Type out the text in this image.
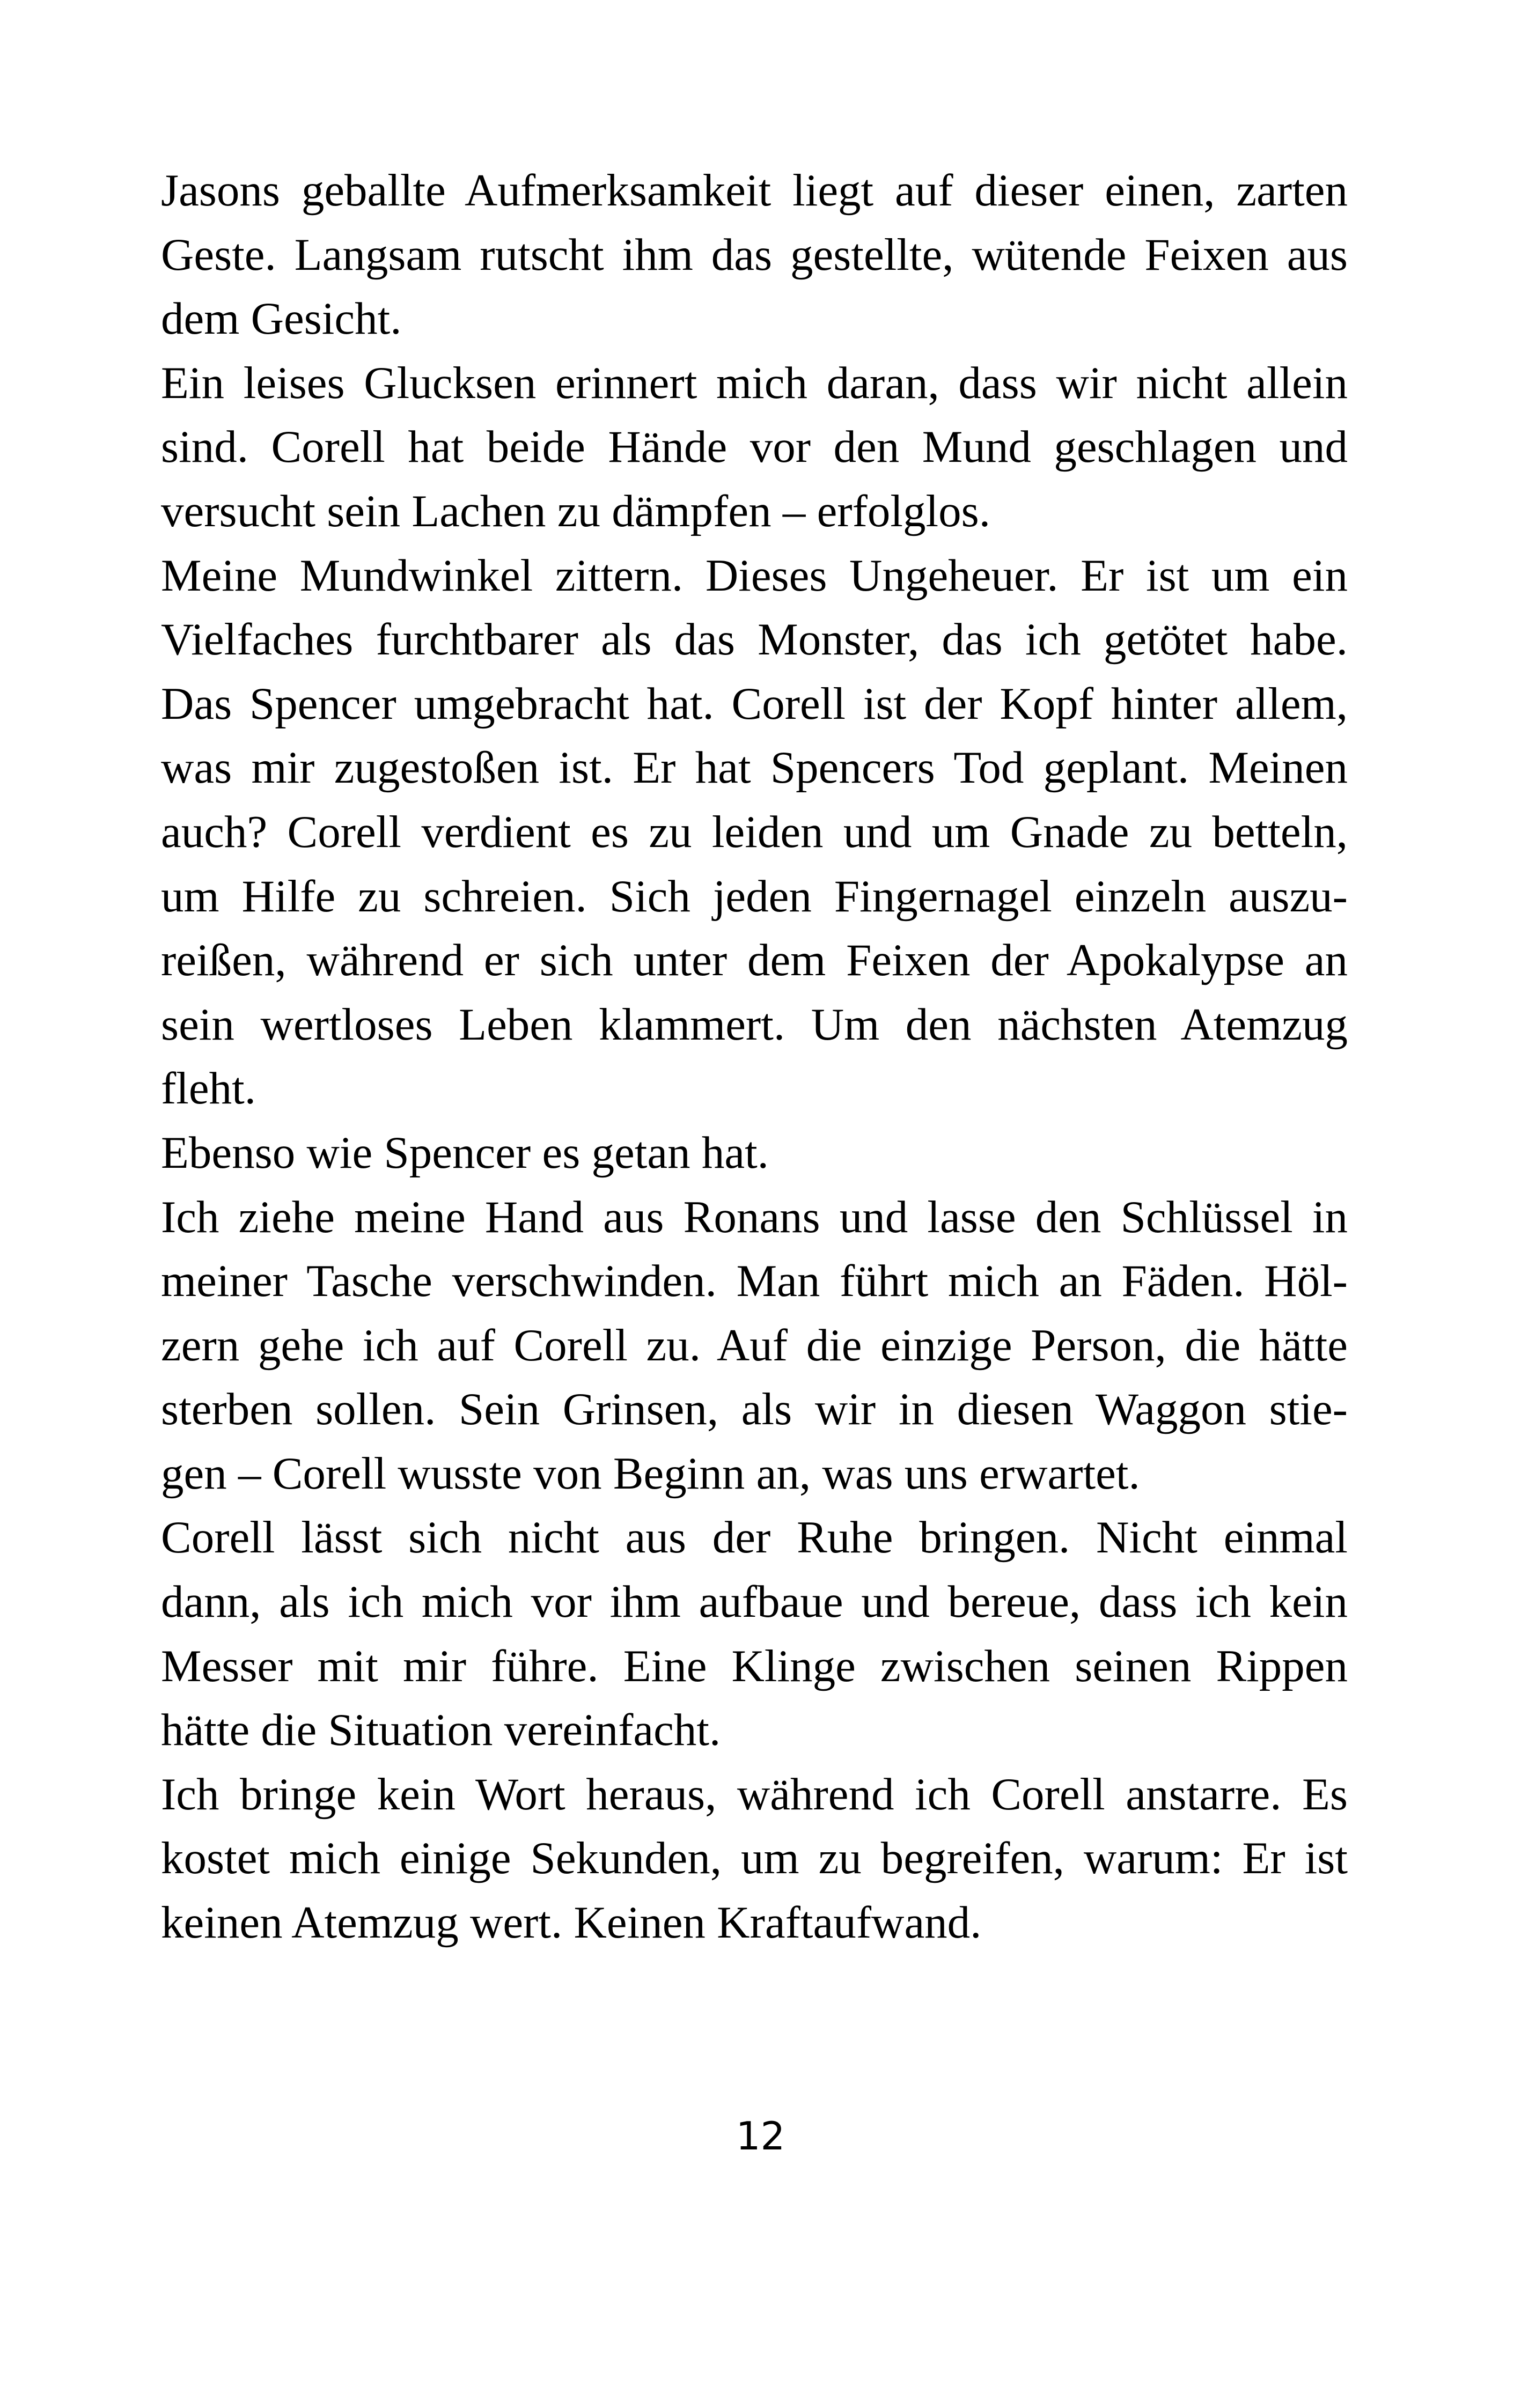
Jasons geballte Aufmerksamkeit liegt auf dieser einen, zarten
Geste. Langsam rutscht ihm das gestellte, wütende Feixen aus
dem Gesicht.
Ein leises Glucksen erinnert mich daran, dass wir nicht allein
sind. Corell hat beide Hände vor den Mund geschlagen und
versucht sein Lachen zu dämpfen – erfolglos.
Meine Mundwinkel zittern. Dieses Ungeheuer. Er ist um ein
Vielfaches furchtbarer als das Monster, das ich getötet habe.
Das Spencer umgebracht hat. Corell ist der Kopf hinter allem,
was mir zugestoßen ist. Er hat Spencers Tod geplant. Meinen
auch? Corell verdient es zu leiden und um Gnade zu betteln,
um Hilfe zu schreien. Sich jeden Fingernagel einzeln auszu-
reißen, während er sich unter dem Feixen der Apokalypse an
sein wertloses Leben klammert. Um den nächsten Atemzug
fleht.
Ebenso wie Spencer es getan hat.
Ich ziehe meine Hand aus Ronans und lasse den Schlüssel in
meiner Tasche verschwinden. Man führt mich an Fäden. Höl-
zern gehe ich auf Corell zu. Auf die einzige Person, die hätte
sterben sollen. Sein Grinsen, als wir in diesen Waggon stie-
gen – Corell wusste von Beginn an, was uns erwartet.
Corell lässt sich nicht aus der Ruhe bringen. Nicht einmal
dann, als ich mich vor ihm aufbaue und bereue, dass ich kein
Messer mit mir führe. Eine Klinge zwischen seinen Rippen
hätte die Situation vereinfacht.
Ich bringe kein Wort heraus, während ich Corell anstarre. Es
kostet mich einige Sekunden, um zu begreifen, warum: Er ist
keinen Atemzug wert. Keinen Kraftaufwand.
12
